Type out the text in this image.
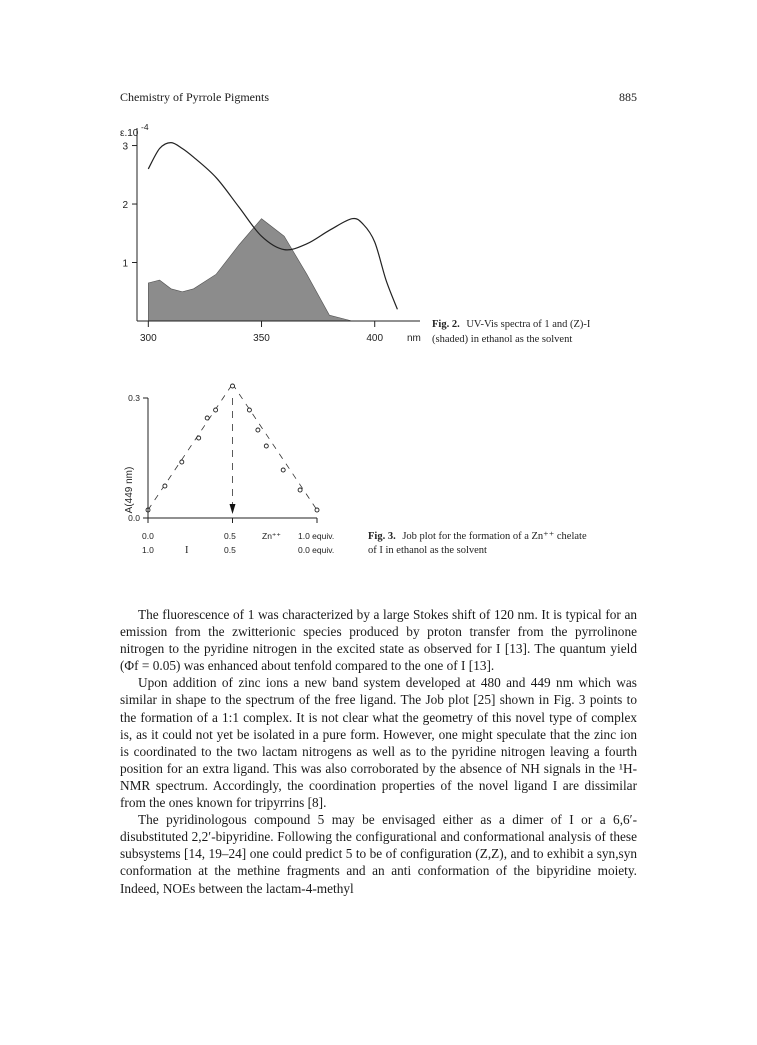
Chemistry of Pyrrole Pigments	885
ε.10
-4
1
2
3
300	350	400 nm
Fig. 2. UV-Vis spectra of 1 and (Z)-I
(shaded) in ethanol as the solvent
A(449 nm)
0.3
0.0
0.0	0.5	Zn⁺⁺ 1.0 equiv.
1.0	I	0.5	0.0 equiv.
Fig. 3. Job plot for the formation of a Zn⁺⁺ chelate
of I in ethanol as the solvent

The fluorescence of 1 was characterized by a large Stokes shift of 120 nm. It is typical for an emission from the zwitterionic species produced by proton transfer from the pyrrolinone nitrogen to the pyridine nitrogen in the excited state as observed for I [13]. The quantum yield (Φf = 0.05) was enhanced about tenfold compared to the one of I [13].

Upon addition of zinc ions a new band system developed at 480 and 449 nm which was similar in shape to the spectrum of the free ligand. The Job plot [25] shown in Fig. 3 points to the formation of a 1:1 complex. It is not clear what the geometry of this novel type of complex is, as it could not yet be isolated in a pure form. However, one might speculate that the zinc ion is coordinated to the two lactam nitrogens as well as to the pyridine nitrogen leaving a fourth position for an extra ligand. This was also corroborated by the absence of NH signals in the ¹H-NMR spectrum. Accordingly, the coordination properties of the novel ligand I are dissimilar from the ones known for tripyrrins [8].

The pyridinologous compound 5 may be envisaged either as a dimer of I or a 6,6′-disubstituted 2,2′-bipyridine. Following the configurational and conformational analysis of these subsystems [14, 19–24] one could predict 5 to be of configuration (Z,Z), and to exhibit a syn,syn conformation at the methine fragments and an anti conformation of the bipyridine moiety. Indeed, NOEs between the lactam-4-methyl
